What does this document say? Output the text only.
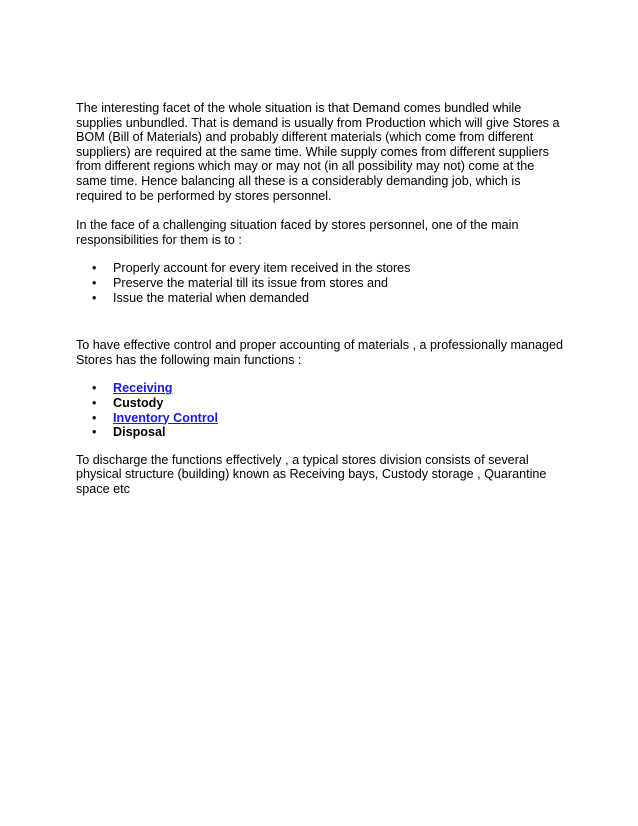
The interesting facet of the whole situation is that Demand comes bundled while
supplies unbundled. That is demand is usually from Production which will give Stores a
BOM (Bill of Materials) and probably different materials (which come from different
suppliers) are required at the same time. While supply comes from different suppliers
from different regions which may or may not (in all possibility may not) come at the
same time. Hence balancing all these is a considerably demanding job, which is
required to be performed by stores personnel.

In the face of a challenging situation faced by stores personnel, one of the main
responsibilities for them is to :

• Properly account for every item received in the stores
• Preserve the material till its issue from stores and
• Issue the material when demanded

To have effective control and proper accounting of materials , a professionally managed
Stores has the following main functions :

• Receiving
• Custody
• Inventory Control
• Disposal

To discharge the functions effectively , a typical stores division consists of several
physical structure (building) known as Receiving bays, Custody storage , Quarantine
space etc
